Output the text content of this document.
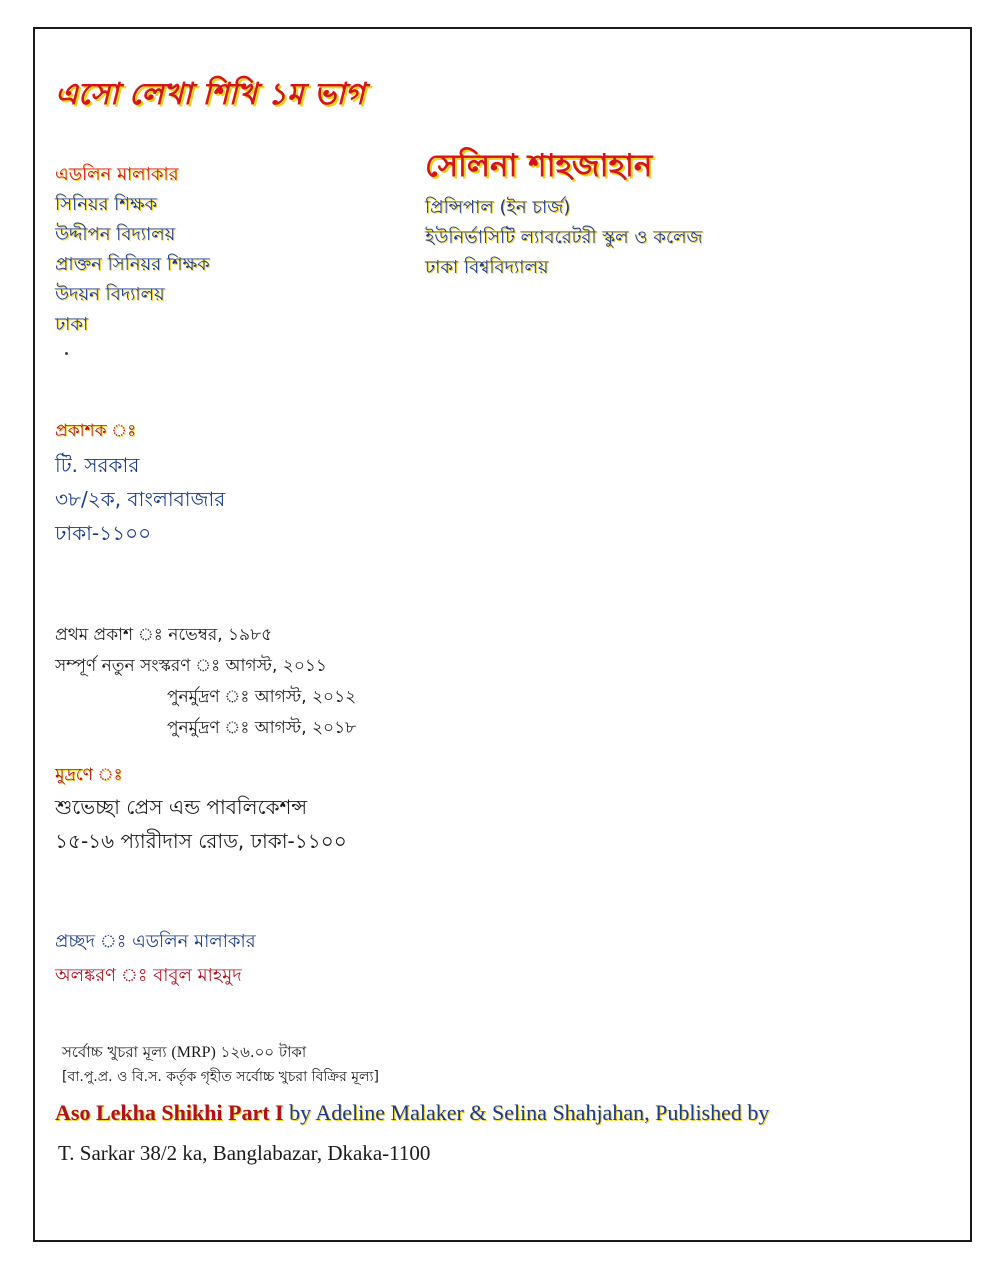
এসো লেখা শিখি ১ম ভাগ
এডলিন মালাকার
সিনিয়র শিক্ষক
উদ্দীপন বিদ্যালয়
প্রাক্তন সিনিয়র শিক্ষক
উদয়ন বিদ্যালয়
ঢাকা
সেলিনা শাহজাহান
প্রিন্সিপাল (ইন চার্জ)
ইউনির্ভাসিটি ল্যাবরেটরী স্কুল ও কলেজ
ঢাকা বিশ্ববিদ্যালয়
প্রকাশক ঃ
টি. সরকার
৩৮/২ক, বাংলাবাজার
ঢাকা-১১০০
প্রথম প্রকাশ ঃ নভেম্বর, ১৯৮৫
সম্পূর্ণ নতুন সংস্করণ ঃ আগস্ট, ২০১১
পুনর্মুদ্রণ ঃ আগস্ট, ২০১২
পুনর্মুদ্রণ ঃ আগস্ট, ২০১৮
মুদ্রণে ঃ
শুভেচ্ছা প্রেস এন্ড পাবলিকেশন্স
১৫-১৬ প্যারীদাস রোড, ঢাকা-১১০০
প্রচ্ছদ ঃ এডলিন মালাকার
অলঙ্করণ ঃ বাবুল মাহমুদ
সর্বোচ্চ খুচরা মূল্য (MRP) ১২৬.০০ টাকা
[বা.পু.প্র. ও বি.স. কর্তৃক গৃহীত সর্বোচ্চ খুচরা বিক্রির মূল্য]
Aso Lekha Shikhi Part I by Adeline Malaker & Selina Shahjahan, Published by
T. Sarkar 38/2 ka, Banglabazar, Dkaka-1100
